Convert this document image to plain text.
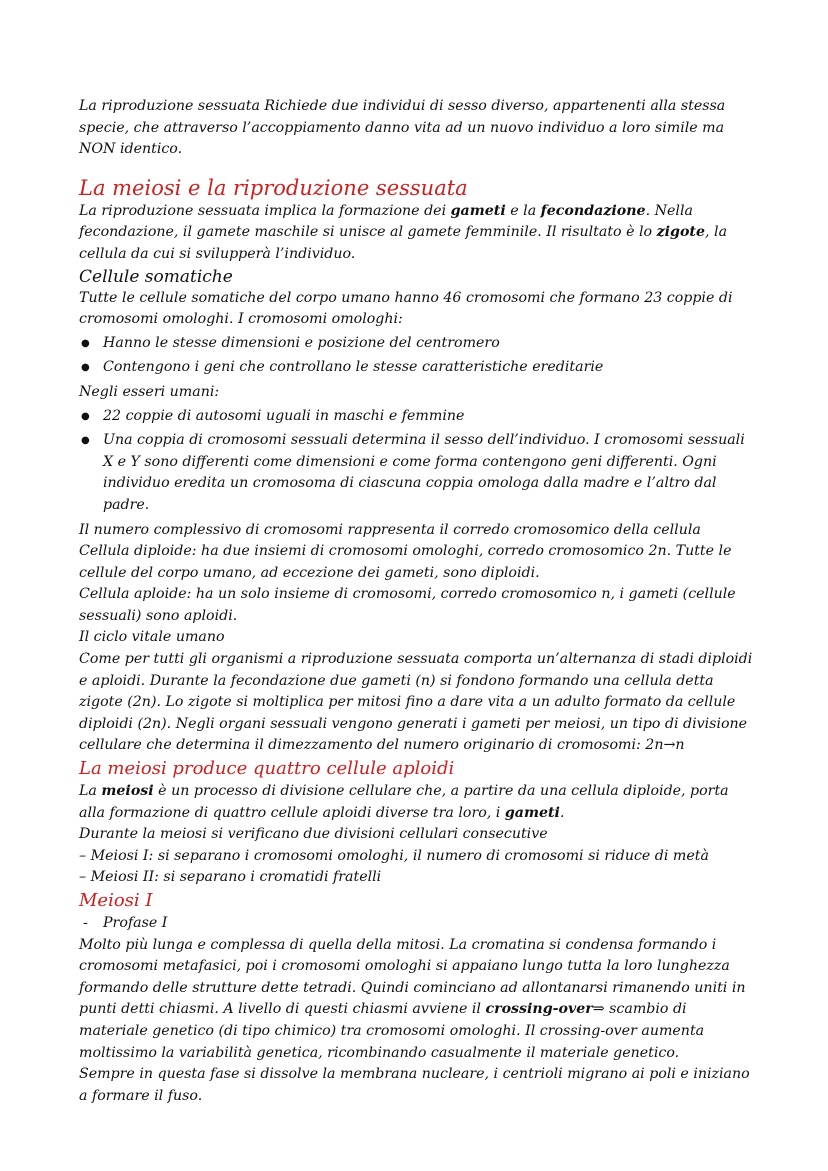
La riproduzione sessuata Richiede due individui di sesso diverso, appartenenti alla stessa specie, che attraverso l’accoppiamento danno vita ad un nuovo individuo a loro simile ma NON identico.

La meiosi e la riproduzione sessuata

La riproduzione sessuata implica la formazione dei gameti e la fecondazione. Nella fecondazione, il gamete maschile si unisce al gamete femminile. Il risultato è lo zigote, la cellula da cui si svilupperà l’individuo.

Cellule somatiche

Tutte le cellule somatiche del corpo umano hanno 46 cromosomi che formano 23 coppie di cromosomi omologhi. I cromosomi omologhi:

● Hanno le stesse dimensioni e posizione del centromero
● Contengono i geni che controllano le stesse caratteristiche ereditarie

Negli esseri umani:

● 22 coppie di autosomi uguali in maschi e femmine
● Una coppia di cromosomi sessuali determina il sesso dell’individuo. I cromosomi sessuali X e Y sono differenti come dimensioni e come forma contengono geni differenti. Ogni individuo eredita un cromosoma di ciascuna coppia omologa dalla madre e l’altro dal padre.

Il numero complessivo di cromosomi rappresenta il corredo cromosomico della cellula

Cellula diploide: ha due insiemi di cromosomi omologhi, corredo cromosomico 2n. Tutte le cellule del corpo umano, ad eccezione dei gameti, sono diploidi.

Cellula aploide: ha un solo insieme di cromosomi, corredo cromosomico n, i gameti (cellule sessuali) sono aploidi.

Il ciclo vitale umano

Come per tutti gli organismi a riproduzione sessuata comporta un’alternanza di stadi diploidi e aploidi. Durante la fecondazione due gameti (n) si fondono formando una cellula detta zigote (2n). Lo zigote si moltiplica per mitosi fino a dare vita a un adulto formato da cellule diploidi (2n). Negli organi sessuali vengono generati i gameti per meiosi, un tipo di divisione cellulare che determina il dimezzamento del numero originario di cromosomi: 2n→n

La meiosi produce quattro cellule aploidi

La meiosi è un processo di divisione cellulare che, a partire da una cellula diploide, porta alla formazione di quattro cellule aploidi diverse tra loro, i gameti.

Durante la meiosi si verificano due divisioni cellulari consecutive

– Meiosi I: si separano i cromosomi omologhi, il numero di cromosomi si riduce di metà

– Meiosi II: si separano i cromatidi fratelli

Meiosi I

- Profase I

Molto più lunga e complessa di quella della mitosi. La cromatina si condensa formando i cromosomi metafasici, poi i cromosomi omologhi si appaiano lungo tutta la loro lunghezza formando delle strutture dette tetradi. Quindi cominciano ad allontanarsi rimanendo uniti in punti detti chiasmi. A livello di questi chiasmi avviene il crossing-over⇒ scambio di materiale genetico (di tipo chimico) tra cromosomi omologhi. Il crossing-over aumenta moltissimo la variabilità genetica, ricombinando casualmente il materiale genetico.

Sempre in questa fase si dissolve la membrana nucleare, i centrioli migrano ai poli e iniziano a formare il fuso.
